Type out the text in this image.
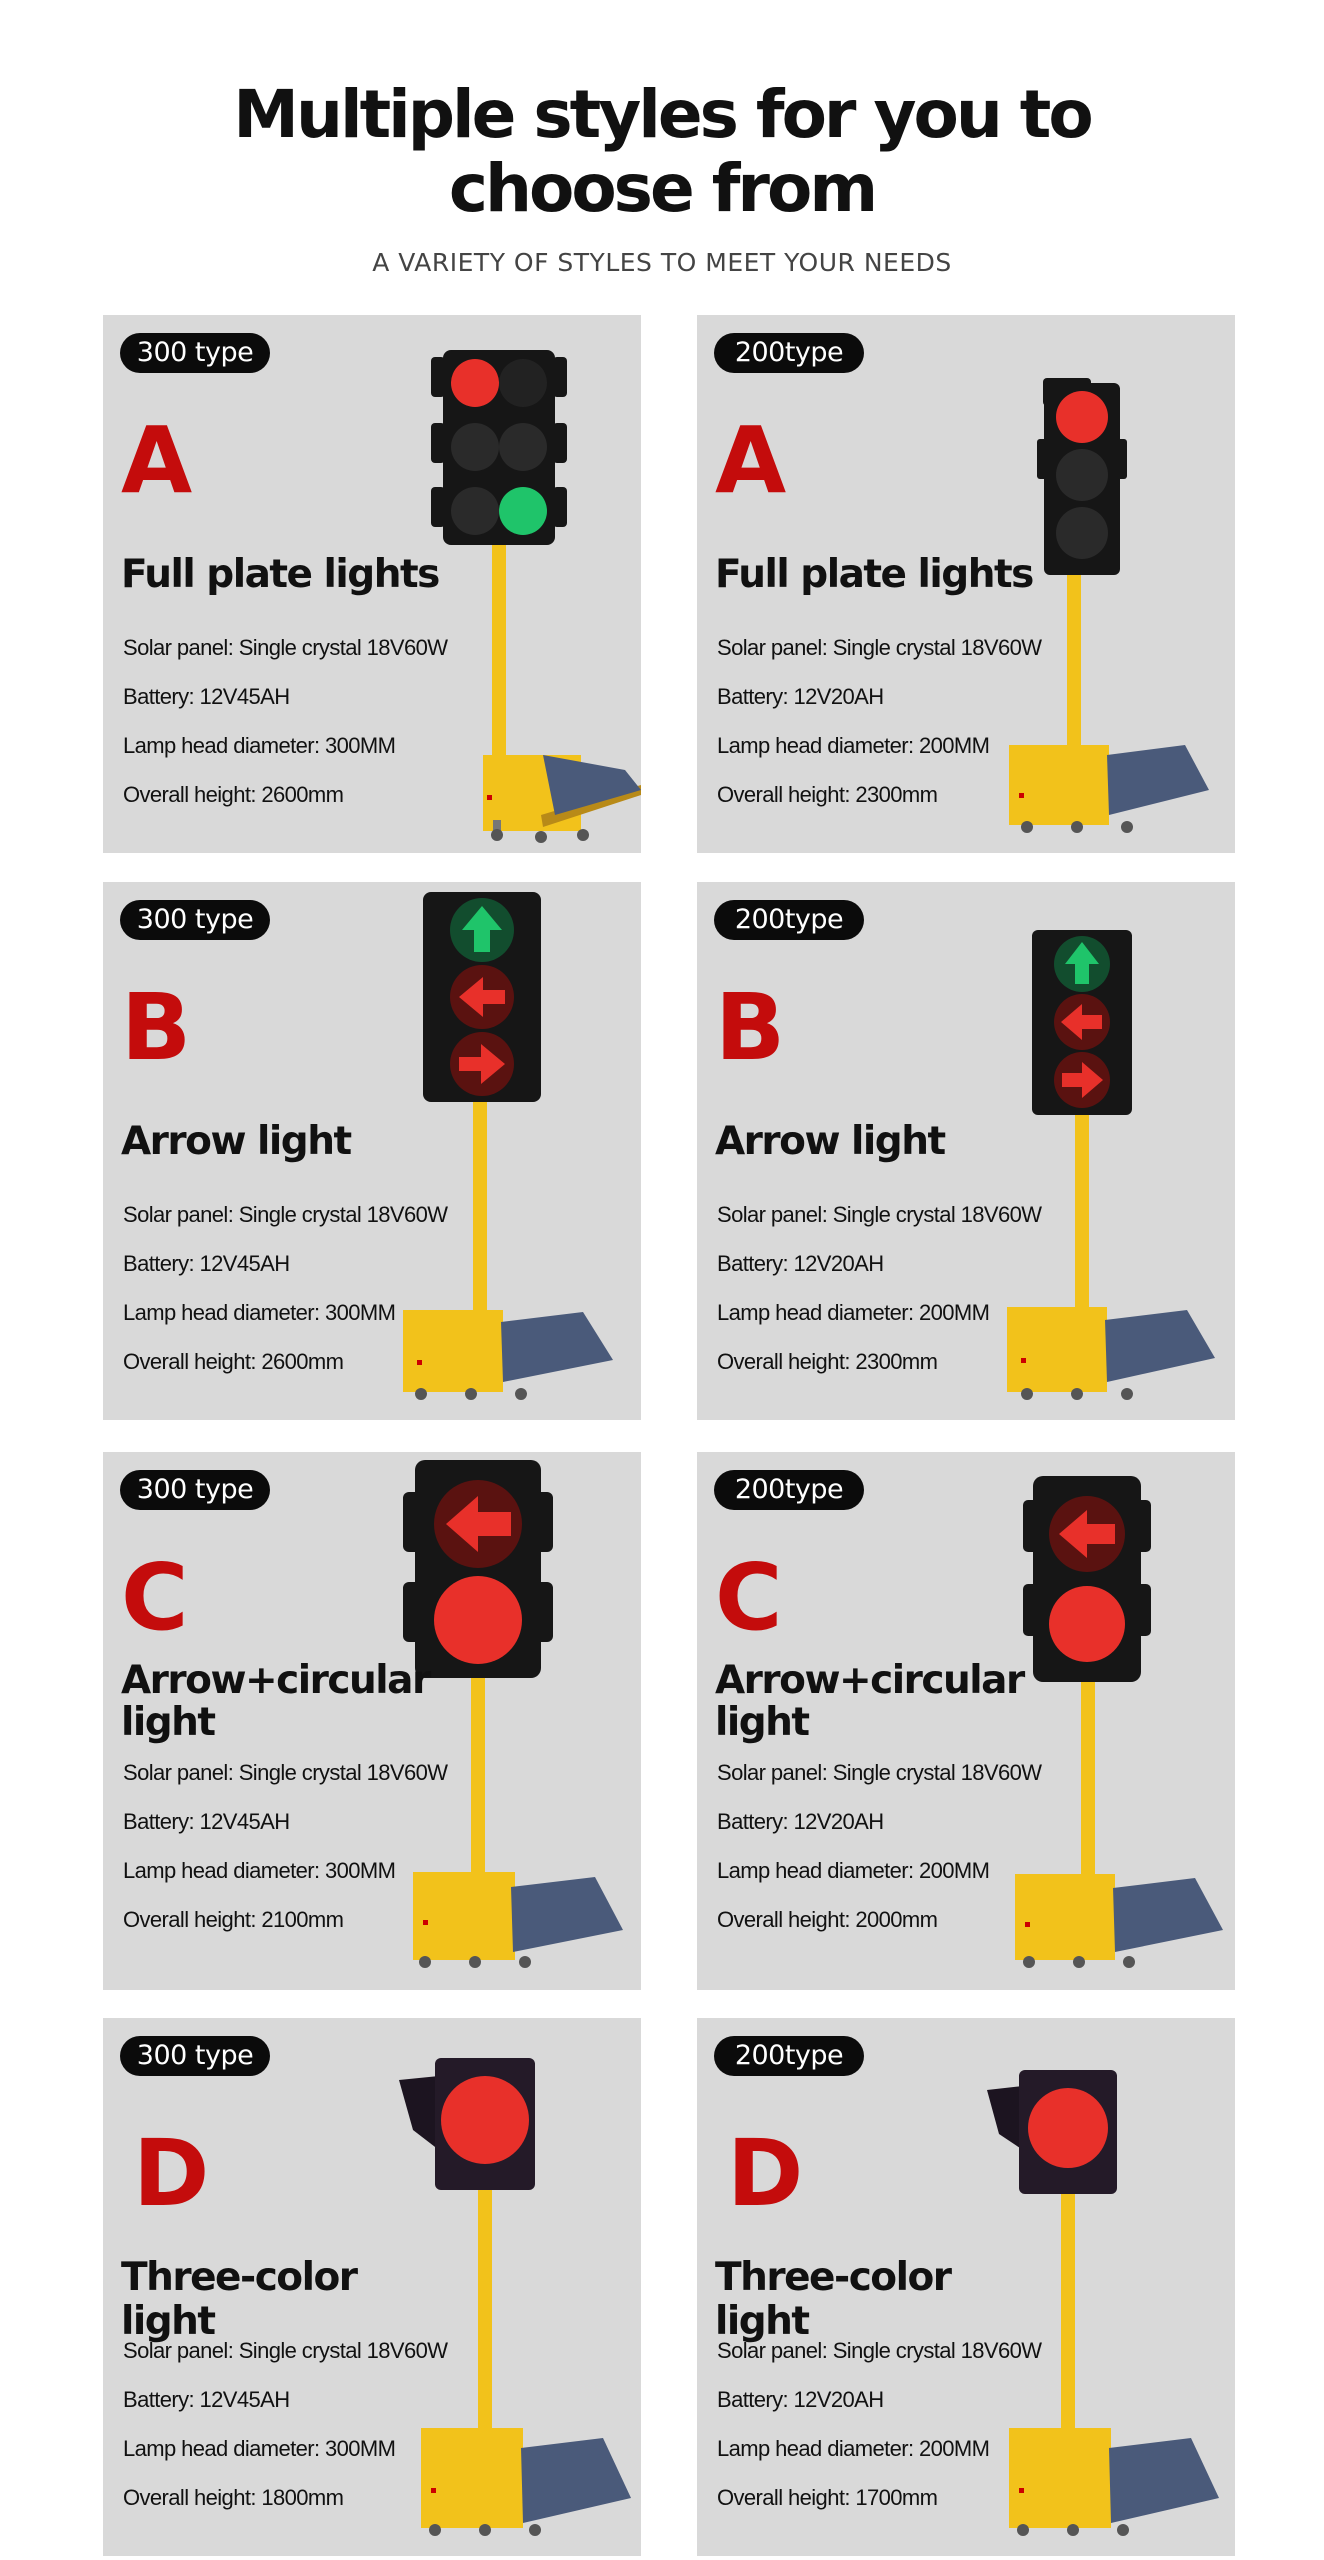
Multiple styles for you to
choose from
A VARIETY OF STYLES TO MEET YOUR NEEDS
300 type
A
Full plate lights
Solar panel: Single crystal 18V60W
Battery: 12V45AH
Lamp head diameter: 300MM
Overall height: 2600mm
200type
A
Full plate lights
Solar panel: Single crystal 18V60W
Battery: 12V20AH
Lamp head diameter: 200MM
Overall height: 2300mm
300 type
B
Arrow light
Solar panel: Single crystal 18V60W
Battery: 12V45AH
Lamp head diameter: 300MM
Overall height: 2600mm
200type
B
Arrow light
Solar panel: Single crystal 18V60W
Battery: 12V20AH
Lamp head diameter: 200MM
Overall height: 2300mm
300 type
C
Arrow+circular light
Solar panel: Single crystal 18V60W
Battery: 12V45AH
Lamp head diameter: 300MM
Overall height: 2100mm
200type
C
Arrow+circular light
Solar panel: Single crystal 18V60W
Battery: 12V20AH
Lamp head diameter: 200MM
Overall height: 2000mm
300 type
D
Three-color light
Solar panel: Single crystal 18V60W
Battery: 12V45AH
Lamp head diameter: 300MM
Overall height: 1800mm
200type
D
Three-color light
Solar panel: Single crystal 18V60W
Battery: 12V20AH
Lamp head diameter: 200MM
Overall height: 1700mm
